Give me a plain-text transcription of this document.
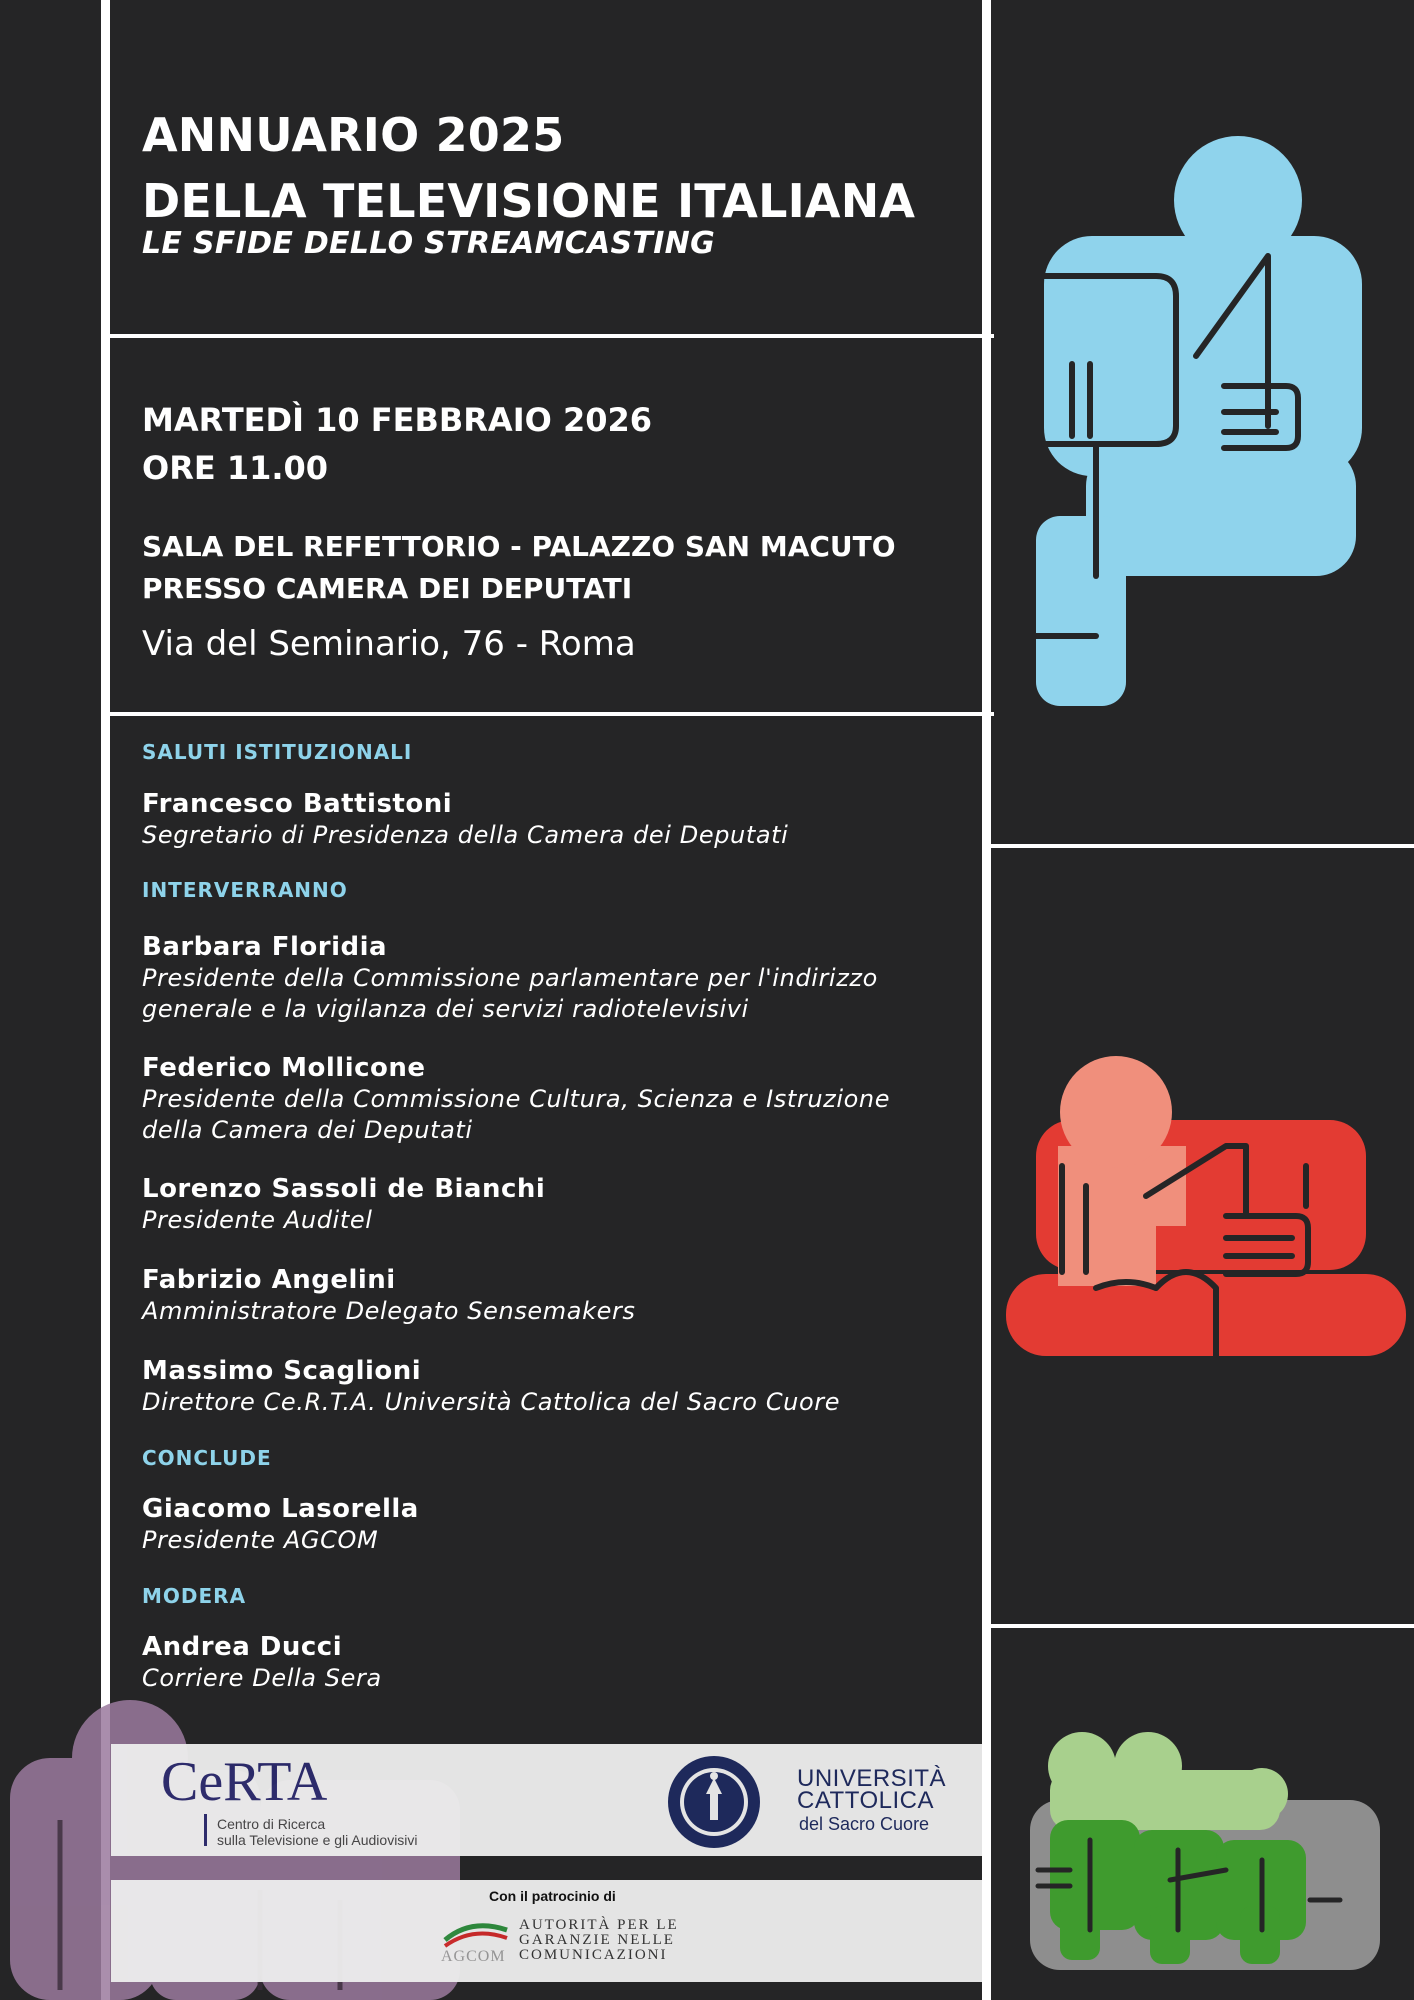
ANNUARIO 2025
DELLA TELEVISIONE ITALIANA
LE SFIDE DELLO STREAMCASTING
MARTEDÌ 10 FEBBRAIO 2026
ORE 11.00
SALA DEL REFETTORIO - PALAZZO SAN MACUTO
PRESSO CAMERA DEI DEPUTATI
Via del Seminario, 76 - Roma
SALUTI ISTITUZIONALI
Francesco Battistoni
Segretario di Presidenza della Camera dei Deputati
INTERVERRANNO
Barbara Floridia
Presidente della Commissione parlamentare per l'indirizzo
generale e la vigilanza dei servizi radiotelevisivi
Federico Mollicone
Presidente della Commissione Cultura, Scienza e Istruzione
della Camera dei Deputati
Lorenzo Sassoli de Bianchi
Presidente Auditel
Fabrizio Angelini
Amministratore Delegato Sensemakers
Massimo Scaglioni
Direttore Ce.R.T.A. Università Cattolica del Sacro Cuore
CONCLUDE
Giacomo Lasorella
Presidente AGCOM
MODERA
Andrea Ducci
Corriere Della Sera
CeRTA
Centro di Ricerca
sulla Televisione e gli Audiovisivi
UNIVERSITÀ
CATTOLICA
del Sacro Cuore
Con il patrocinio di
AUTORITÀ PER LE
GARANZIE NELLE
COMUNICAZIONI
AGCOM
